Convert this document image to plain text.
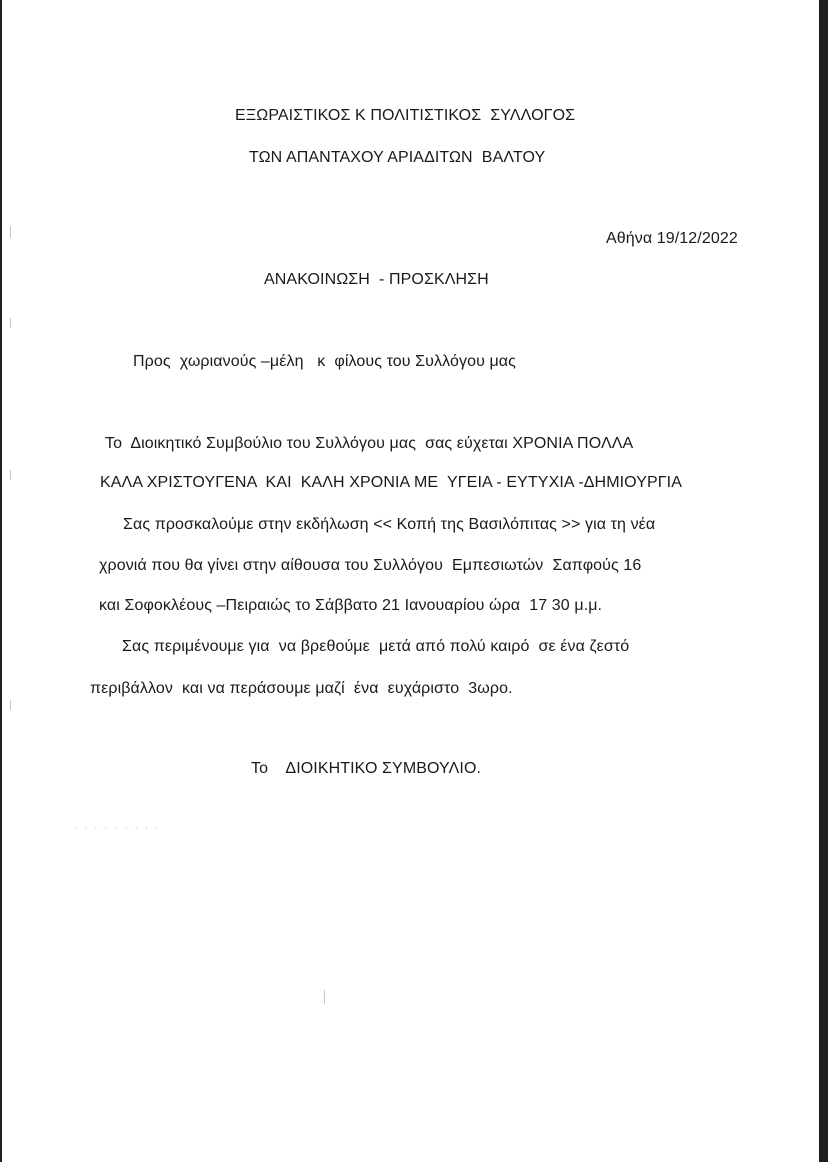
· · · · · · · · ·
ΕΞΩΡΑΙΣΤΙΚΟΣ Κ ΠΟΛΙΤΙΣΤΙΚΟΣ  ΣΥΛΛΟΓΟΣ
ΤΩΝ ΑΠΑΝΤΑΧΟΥ ΑΡΙΑΔΙΤΩΝ  ΒΑΛΤΟΥ
Αθήνα 19/12/2022
ΑΝΑΚΟΙΝΩΣΗ  - ΠΡΟΣΚΛΗΣΗ
Προς  χωριανούς –μέλη   κ  φίλους του Συλλόγου μας
Το  Διοικητικό Συμβούλιο του Συλλόγου μας  σας εύχεται ΧΡΟΝΙΑ ΠΟΛΛΑ
ΚΑΛΑ ΧΡΙΣΤΟΥΓΕΝΑ  ΚΑΙ  ΚΑΛΗ ΧΡΟΝΙΑ ΜΕ  ΥΓΕΙΑ - ΕΥΤΥΧΙΑ -ΔΗΜΙΟΥΡΓΙΑ
Σας προσκαλούμε στην εκδήλωση << Κοπή της Βασιλόπιτας >> για τη νέα
χρονιά που θα γίνει στην αίθουσα του Συλλόγου  Εμπεσιωτών  Σαπφούς 16
και Σοφοκλέους –Πειραιώς το Σάββατο 21 Ιανουαρίου ώρα  17 30 μ.μ.
Σας περιμένουμε για  να βρεθούμε  μετά από πολύ καιρό  σε ένα ζεστό
περιβάλλον  και να περάσουμε μαζί  ένα  ευχάριστο  3ωρο.
Το    ΔΙΟΙΚΗΤΙΚΟ ΣΥΜΒΟΥΛΙΟ.
